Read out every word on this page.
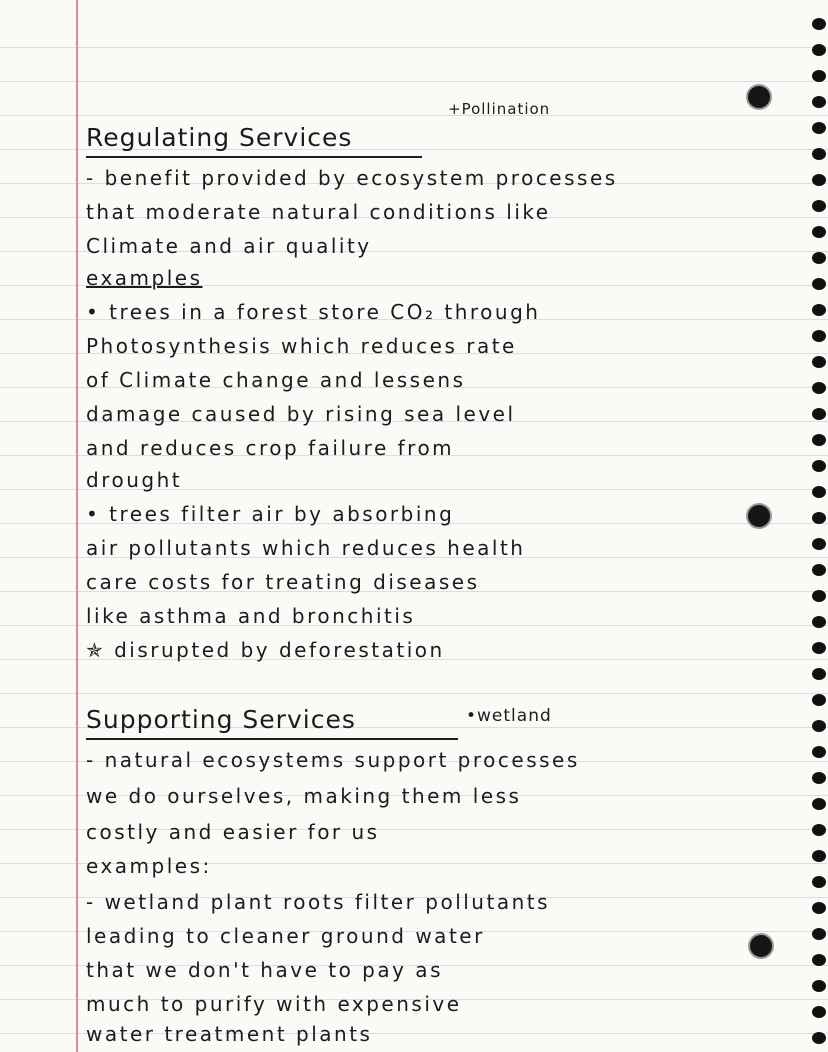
+Pollination
Regulating Services
- benefit provided by ecosystem processes
that moderate natural conditions like
Climate and air quality
examples
• trees in a forest store CO₂ through
Photosynthesis which reduces rate
of Climate change and lessens
damage caused by rising sea level
and reduces crop failure from
drought
• trees filter air by absorbing
air pollutants which reduces health
care costs for treating diseases
like asthma and bronchitis
✯ disrupted by deforestation
Supporting Services	•wetland
- natural ecosystems support processes
we do ourselves, making them less
costly and easier for us
examples:
- wetland plant roots filter pollutants
leading to cleaner ground water
that we don't have to pay as
much to purify with expensive
water treatment plants
